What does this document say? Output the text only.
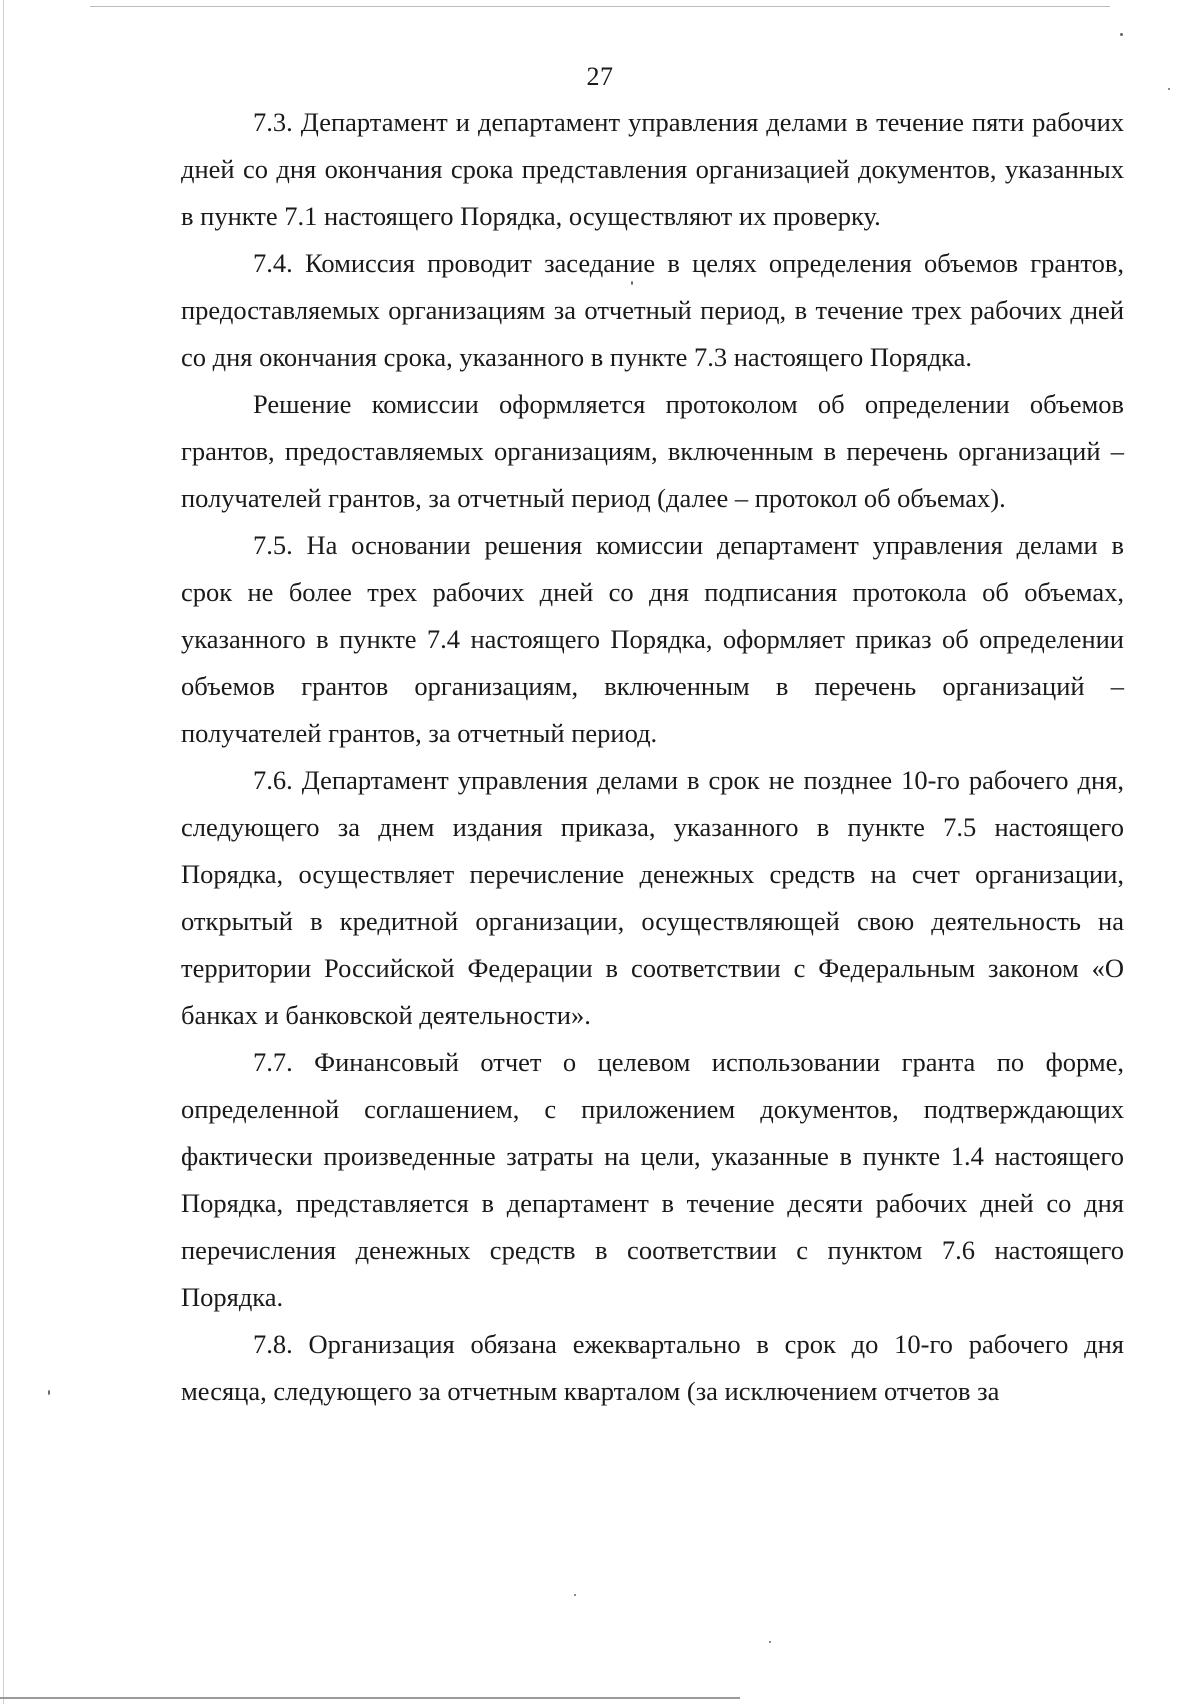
27

7.3. Департамент и департамент управления делами в течение пяти рабочих дней со дня окончания срока представления организацией документов, указанных в пункте 7.1 настоящего Порядка, осуществляют их проверку.

7.4. Комиссия проводит заседание в целях определения объемов грантов, предоставляемых организациям за отчетный период, в течение трех рабочих дней со дня окончания срока, указанного в пункте 7.3 настоящего Порядка.

Решение комиссии оформляется протоколом об определении объемов грантов, предоставляемых организациям, включенным в перечень организаций – получателей грантов, за отчетный период (далее – протокол об объемах).

7.5. На основании решения комиссии департамент управления делами в срок не более трех рабочих дней со дня подписания протокола об объемах, указанного в пункте 7.4 настоящего Порядка, оформляет приказ об определении объемов грантов организациям, включенным в перечень организаций – получателей грантов, за отчетный период.

7.6. Департамент управления делами в срок не позднее 10-го рабочего дня, следующего за днем издания приказа, указанного в пункте 7.5 настоящего Порядка, осуществляет перечисление денежных средств на счет организации, открытый в кредитной организации, осуществляющей свою деятельность на территории Российской Федерации в соответствии с Федеральным законом «О банках и банковской деятельности».

7.7. Финансовый отчет о целевом использовании гранта по форме, определенной соглашением, с приложением документов, подтверждающих фактически произведенные затраты на цели, указанные в пункте 1.4 настоящего Порядка, представляется в департамент в течение десяти рабочих дней со дня перечисления денежных средств в соответствии с пунктом 7.6 настоящего Порядка.

7.8. Организация обязана ежеквартально в срок до 10-го рабочего дня месяца, следующего за отчетным кварталом (за исключением отчетов за
